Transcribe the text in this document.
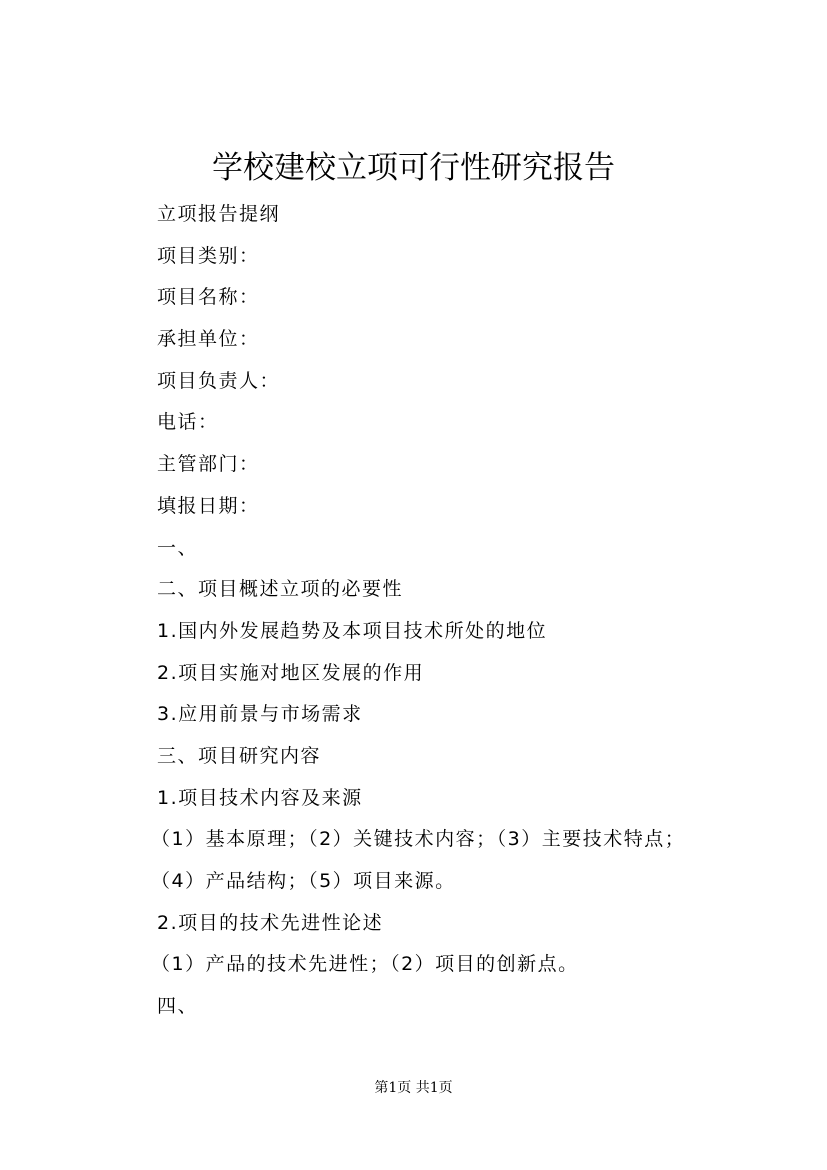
学校建校立项可行性研究报告
立项报告提纲
项目类别：
项目名称：
承担单位：
项目负责人：
电话：
主管部门：
填报日期：
一、
二、项目概述立项的必要性
1.国内外发展趋势及本项目技术所处的地位
2.项目实施对地区发展的作用
3.应用前景与市场需求
三、项目研究内容
1.项目技术内容及来源
（1）基本原理；（2）关键技术内容；（3）主要技术特点；
（4）产品结构；（5）项目来源。
2.项目的技术先进性论述
（1）产品的技术先进性；（2）项目的创新点。
四、
第1页 共1页
